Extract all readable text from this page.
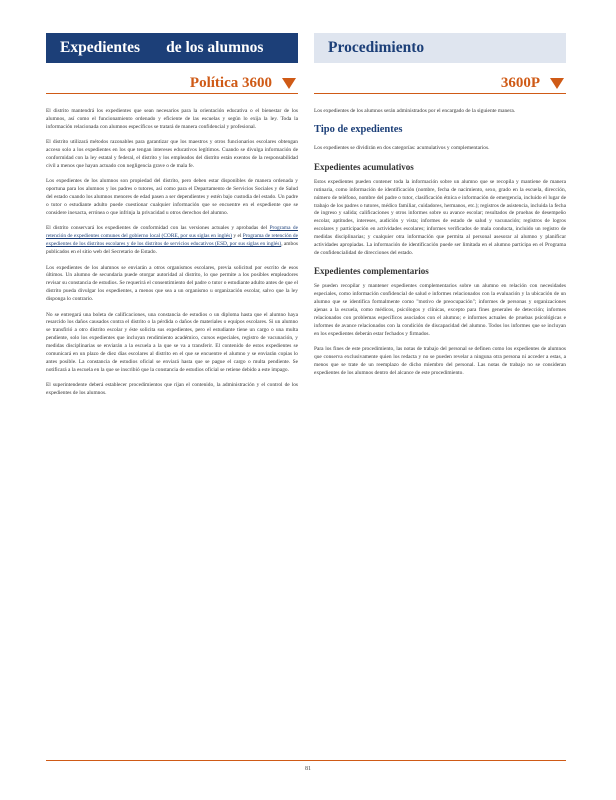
Expedientes de los alumnos	Procedimiento
Política 3600	3600P

El distrito mantendrá los expedientes que sean necesarios para la orientación educativa o el bienestar de los alumnos, así como el funcionamiento ordenado y eficiente de las escuelas y según lo exija la ley. Toda la información relacionada con alumnos específicos se tratará de manera confidencial y profesional.

El distrito utilizará métodos razonables para garantizar que los maestros y otros funcionarios escolares obtengan acceso solo a los expedientes en los que tengan intereses educativos legítimos. Cuando se divulga información de conformidad con la ley estatal y federal, el distrito y los empleados del distrito están exentos de la responsabilidad civil a menos que hayan actuado con negligencia grave o de mala fe.

Los expedientes de los alumnos son propiedad del distrito, pero deben estar disponibles de manera ordenada y oportuna para los alumnos y los padres o tutores, así como para el Departamento de Servicios Sociales y de Salud del estado cuando los alumnos menores de edad pasen a ser dependientes y estén bajo custodia del estado. Un padre o tutor o estudiante adulto puede cuestionar cualquier información que se encuentre en el expediente que se considere inexacta, errónea o que infrinja la privacidad u otros derechos del alumno.

El distrito conservará los expedientes de conformidad con las versiones actuales y aprobadas del Programa de retención de expedientes comunes del gobierno local (CORE, por sus siglas en inglés) y el Programa de retención de expedientes de los distritos escolares y de los distritos de servicios educativos (ESD, por sus siglas en inglés), ambos publicados en el sitio web del Secretario de Estado.

Los expedientes de los alumnos se enviarán a otros organismos escolares, previa solicitud por escrito de esos últimos. Un alumno de secundaria puede otorgar autoridad al distrito, lo que permite a los posibles empleadores revisar su constancia de estudios. Se requerirá el consentimiento del padre o tutor o estudiante adulto antes de que el distrito pueda divulgar los expedientes, a menos que sea a un organismo u organización escolar, salvo que la ley disponga lo contrario.

No se entregará una boleta de calificaciones, una constancia de estudios o un diploma hasta que el alumno haya resarcido los daños causados contra el distrito o la pérdida o daños de materiales o equipos escolares. Si un alumno se transfirió a otro distrito escolar y éste solicita sus expedientes, pero el estudiante tiene un cargo o una multa pendiente, solo los expedientes que incluyan rendimiento académico, cursos especiales, registro de vacunación, y medidas disciplinarias se enviarán a la escuela a la que se va a transferir. El contenido de estos expedientes se comunicará en un plazo de diez días escolares al distrito en el que se encuentre el alumno y se enviarán copias lo antes posible. La constancia de estudios oficial se enviará hasta que se pague el cargo o multa pendiente. Se notificará a la escuela en la que se inscribió que la constancia de estudios oficial se retiene debido a este impago.

El superintendente deberá establecer procedimientos que rijan el contenido, la administración y el control de los expedientes de los alumnos.

Los expedientes de los alumnos serán administrados por el encargado de la siguiente manera.

Tipo de expedientes

Los expedientes se dividirán en dos categorías: acumulativos y complementarios.

Expedientes acumulativos

Estos expedientes pueden contener toda la información sobre un alumno que se recopila y mantiene de manera rutinaria, como información de identificación (nombre, fecha de nacimiento, sexo, grado en la escuela, dirección, número de teléfono, nombre del padre o tutor, clasificación étnica e información de emergencia, incluido el lugar de trabajo de los padres o tutores, médico familiar, cuidadores, hermanos, etc.); registros de asistencia, incluida la fecha de ingreso y salida; calificaciones y otros informes sobre su avance escolar; resultados de pruebas de desempeño escolar, aptitudes, intereses, audición y vista; informes de estado de salud y vacunación; registros de logros escolares y participación en actividades escolares; informes verificados de mala conducta, incluido un registro de medidas disciplinarias; y cualquier otra información que permita al personal asesorar al alumno y planificar actividades apropiadas. La información de identificación puede ser limitada en el alumno participa en el Programa de confidencialidad de direcciones del estado.

Expedientes complementarios

Se pueden recopilar y mantener expedientes complementarios sobre un alumno en relación con necesidades especiales, como información confidencial de salud e informes relacionados con la evaluación y la ubicación de un alumno que se identifica formalmente como "motivo de preocupación"; informes de personas y organizaciones ajenas a la escuela, como médicos, psicólogos y clínicas, excepto para fines generales de detección; informes relacionados con problemas específicos asociados con el alumno; e informes actuales de pruebas psicológicas e informes de avance relacionados con la condición de discapacidad del alumno. Todos los informes que se incluyan en los expedientes deberán estar fechados y firmados.

Para los fines de este procedimiento, las notas de trabajo del personal se definen como los expedientes de alumnos que conserva exclusivamente quien los redacta y no se pueden revelar a ninguna otra persona ni acceder a estas, a menos que se trate de un reemplazo de dicho miembro del personal. Las notas de trabajo no se consideran expedientes de los alumnos dentro del alcance de este procedimiento.

81
